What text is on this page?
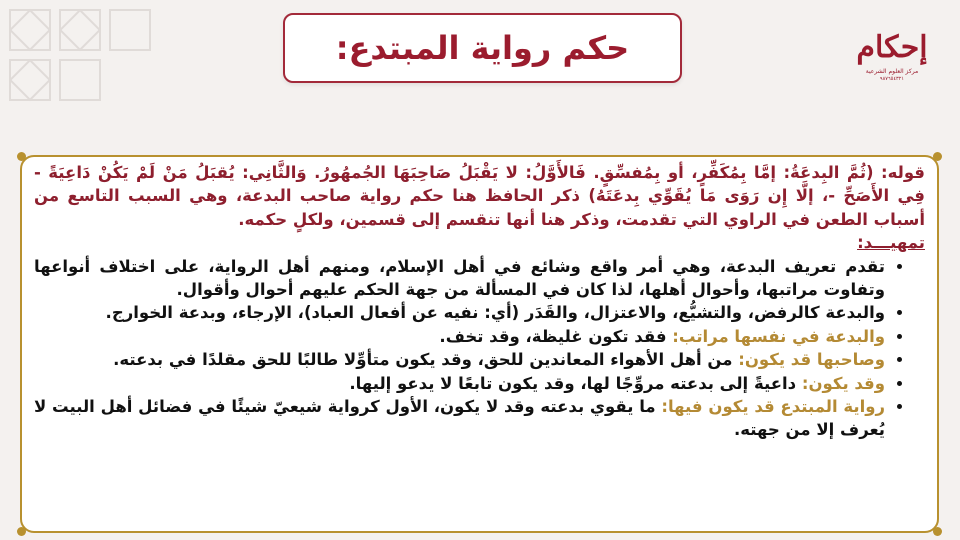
حكم رواية المبتدع:	إحكام
مركز العلوم الشرعية
٩٨٧٦٥٤٣٢١

قوله: (ثُمَّ البِدعَةُ: إمَّا بِمُكَفِّرٍ، أو بِمُفسِّقٍ. فَالأَوَّلُ: لا يَقْبَلُ صَاحِبَهَا الجُمهُورُ. وَالثَّانِي: يُقبَلُ مَنْ لَمْ يَكُنْ دَاعِيَةً - فِي الأَصَحِّ -، إلَّا إِن رَوَى مَا يُقَوِّي بِدعَتَهُ) ذكر الحافظ هنا حكم رواية صاحب البدعة، وهي السبب التاسع من أسباب الطعن في الراوي التي تقدمت، وذكر هنا أنها تنقسم إلى قسمين، ولكلٍ حكمه.

تمهيـــد:

• تقدم تعريف البدعة، وهي أمر واقع وشائع في أهل الإسلام، ومنهم أهل الرواية، على اختلاف أنواعها وتفاوت مراتبها، وأحوال أهلها، لذا كان في المسألة من جهة الحكم عليهم أحوال وأقوال.
• والبدعة كالرفض، والتشيُّع، والاعتزال، والقَدَر (أي: نفيه عن أفعال العباد)، الإرجاء، وبدعة الخوارج.
• والبدعة في نفسها مراتب: فقد تكون غليظة، وقد تخف.
• وصاحبها قد يكون: من أهل الأهواء المعاندين للحق، وقد يكون متأوِّلا طالبًا للحق مقلدًا في بدعته.
• وقد يكون: داعيةً إلى بدعته مروِّجًا لها، وقد يكون تابعًا لا يدعو إليها.
• رواية المبتدع قد يكون فيها: ما يقوي بدعته وقد لا يكون، الأول كرواية شيعيّ شيئًا في فضائل أهل البيت لا يُعرف إلا من جهته.
